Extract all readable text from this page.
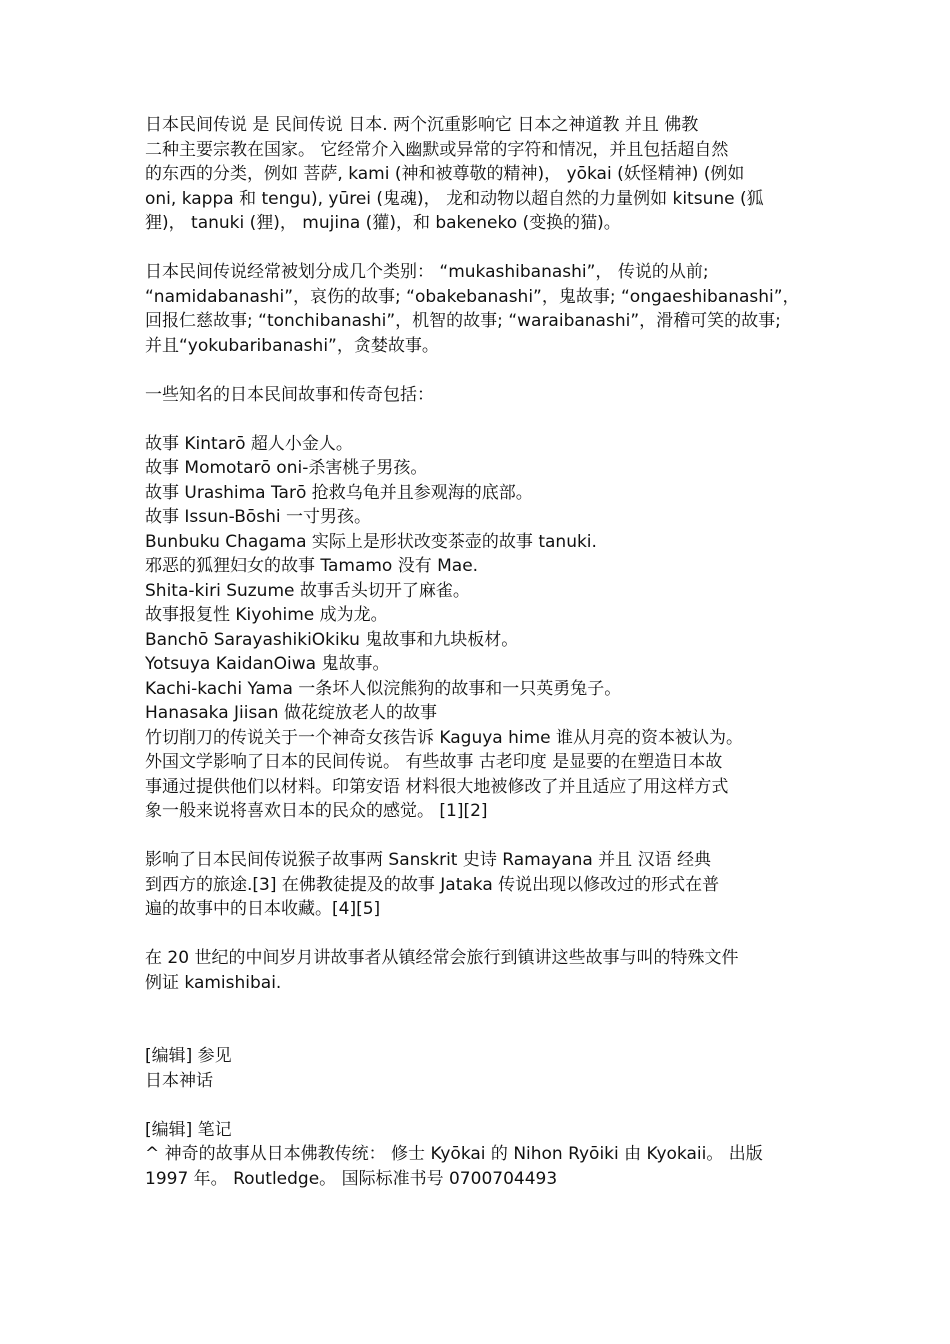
日本民间传说 是 民间传说 日本. 两个沉重影响它 日本之神道教 并且 佛教
二种主要宗教在国家。 它经常介入幽默或异常的字符和情况，并且包括超自然
的东西的分类，例如 菩萨, kami (神和被尊敬的精神)， yōkai (妖怪精神) (例如
oni, kappa 和 tengu), yūrei (鬼魂)， 龙和动物以超自然的力量例如 kitsune (狐
狸)， tanuki (狸)， mujina (獾)，和 bakeneko (变换的猫)。

日本民间传说经常被划分成几个类别： “mukashibanashi”， 传说的从前;
“namidabanashi”，哀伤的故事; “obakebanashi”，鬼故事; “ongaeshibanashi”，
回报仁慈故事; “tonchibanashi”，机智的故事; “waraibanashi”，滑稽可笑的故事;
并且“yokubaribanashi”，贪婪故事。

一些知名的日本民间故事和传奇包括：

故事 Kintarō 超人小金人。
故事 Momotarō oni-杀害桃子男孩。
故事 Urashima Tarō 抢救乌龟并且参观海的底部。
故事 Issun-Bōshi 一寸男孩。
Bunbuku Chagama 实际上是形状改变茶壶的故事 tanuki.
邪恶的狐狸妇女的故事 Tamamo 没有 Mae.
Shita-kiri Suzume 故事舌头切开了麻雀。
故事报复性 Kiyohime 成为龙。
Banchō SarayashikiOkiku 鬼故事和九块板材。
Yotsuya KaidanOiwa 鬼故事。
Kachi-kachi Yama 一条坏人似浣熊狗的故事和一只英勇兔子。
Hanasaka Jiisan 做花绽放老人的故事
竹切削刀的传说关于一个神奇女孩告诉 Kaguya hime 谁从月亮的资本被认为。

外国文学影响了日本的民间传说。 有些故事 古老印度 是显要的在塑造日本故
事通过提供他们以材料。印第安语 材料很大地被修改了并且适应了用这样方式
象一般来说将喜欢日本的民众的感觉。 [1][2]

影响了日本民间传说猴子故事两 Sanskrit 史诗 Ramayana 并且 汉语 经典
到西方的旅途.[3] 在佛教徒提及的故事 Jataka 传说出现以修改过的形式在普
遍的故事中的日本收藏。[4][5]

在 20 世纪的中间岁月讲故事者从镇经常会旅行到镇讲这些故事与叫的特殊文件
例证 kamishibai.

[编辑] 参见
日本神话
[编辑] 笔记

^ 神奇的故事从日本佛教传统： 修士 Kyōkai 的 Nihon Ryōiki 由 Kyokaii。 出版
1997 年。 Routledge。 国际标准书号 0700704493
